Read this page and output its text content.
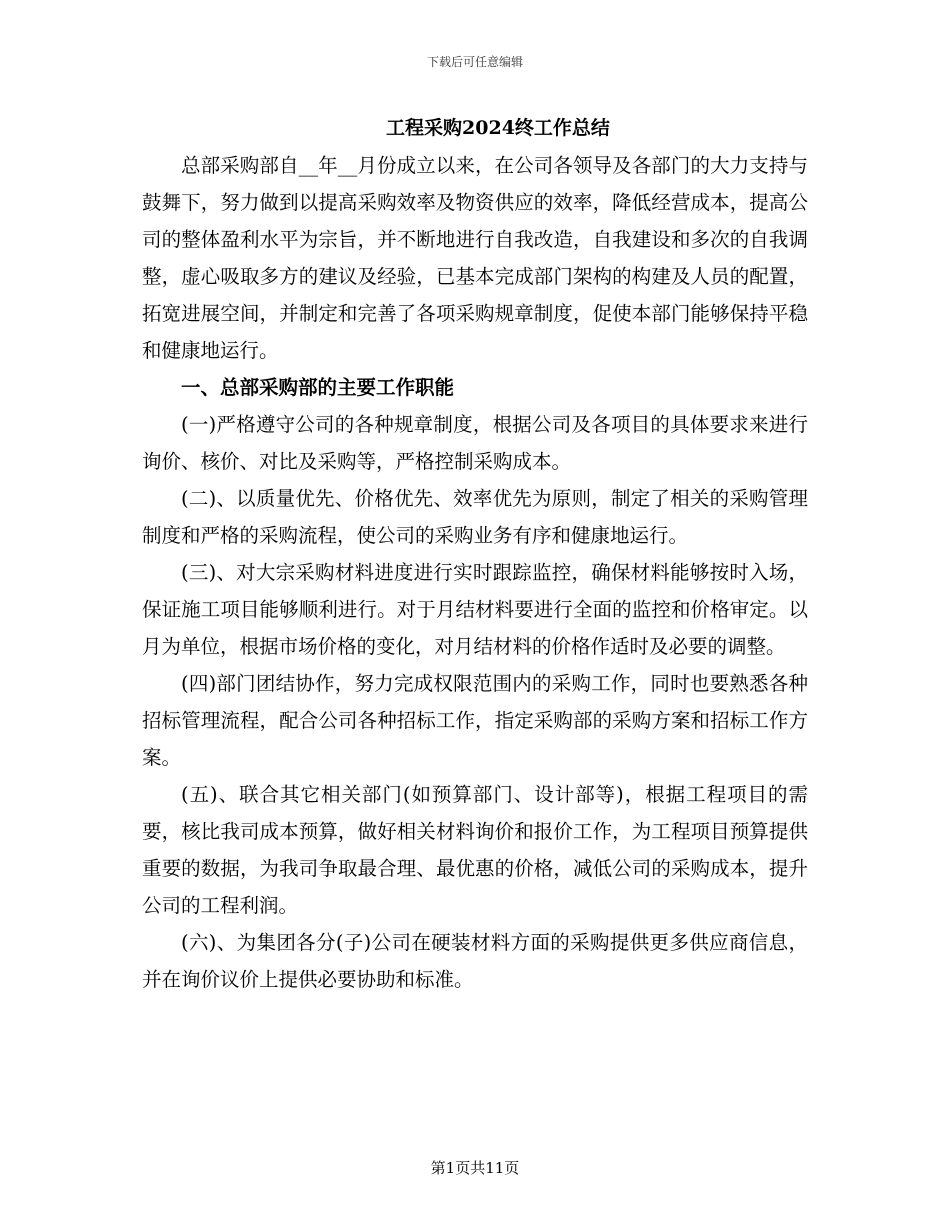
下载后可任意编辑
工程采购2024终工作总结

总部采购部自__年__月份成立以来，在公司各领导及各部门的大力支持与鼓舞下，努力做到以提高采购效率及物资供应的效率，降低经营成本，提高公司的整体盈利水平为宗旨，并不断地进行自我改造，自我建设和多次的自我调整，虚心吸取多方的建议及经验，已基本完成部门架构的构建及人员的配置，拓宽进展空间，并制定和完善了各项采购规章制度，促使本部门能够保持平稳和健康地运行。

一、总部采购部的主要工作职能

(一)严格遵守公司的各种规章制度，根据公司及各项目的具体要求来进行询价、核价、对比及采购等，严格控制采购成本。

(二)、以质量优先、价格优先、效率优先为原则，制定了相关的采购管理制度和严格的采购流程，使公司的采购业务有序和健康地运行。

(三)、对大宗采购材料进度进行实时跟踪监控，确保材料能够按时入场，保证施工项目能够顺利进行。对于月结材料要进行全面的监控和价格审定。以月为单位，根据市场价格的变化，对月结材料的价格作适时及必要的调整。

(四)部门团结协作，努力完成权限范围内的采购工作，同时也要熟悉各种招标管理流程，配合公司各种招标工作，指定采购部的采购方案和招标工作方案。

(五)、联合其它相关部门(如预算部门、设计部等)，根据工程项目的需要，核比我司成本预算，做好相关材料询价和报价工作，为工程项目预算提供重要的数据，为我司争取最合理、最优惠的价格，减低公司的采购成本，提升公司的工程利润。

(六)、为集团各分(子)公司在硬装材料方面的采购提供更多供应商信息，并在询价议价上提供必要协助和标准。

第1页共11页
